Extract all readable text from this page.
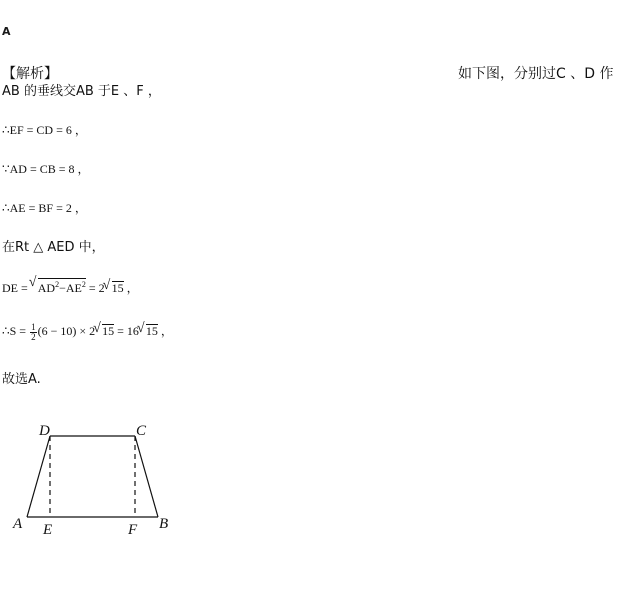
A
【解析】	如下图，分别过C 、D 作
AB 的垂线交AB 于E 、F ，
∴EF = CD = 6 ，
∵AD = CB = 8 ，
∴AE = BF = 2 ，
在Rt △ AED 中，
DE = √ $AD^2-AE^2 = 2√$ 15 ，
∴S = $\frac{1}{2} (6 - 10) \times 2√$ 15 = 16√ 15 ，
故选A.
A	B
C
D
E	F
